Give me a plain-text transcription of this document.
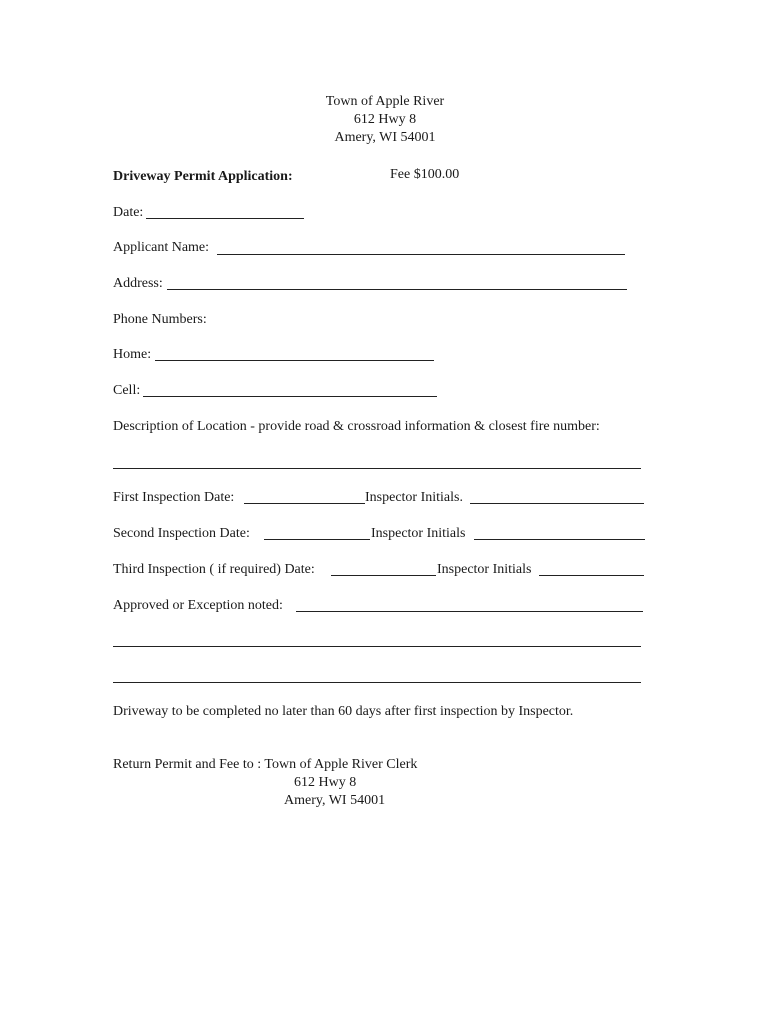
Town of Apple River
612 Hwy 8
Amery, WI 54001
Driveway Permit Application:	Fee $100.00
Date:
Applicant Name:
Address:
Phone Numbers:
Home:
Cell:
Description of Location - provide road & crossroad information & closest fire number:
First Inspection Date:	Inspector Initials.
Second Inspection Date:	Inspector Initials
Third Inspection ( if required) Date:	Inspector Initials
Approved or Exception noted:
Driveway to be completed no later than 60 days after first inspection by Inspector.
Return Permit and Fee to : Town of Apple River Clerk
612 Hwy 8
Amery, WI 54001
